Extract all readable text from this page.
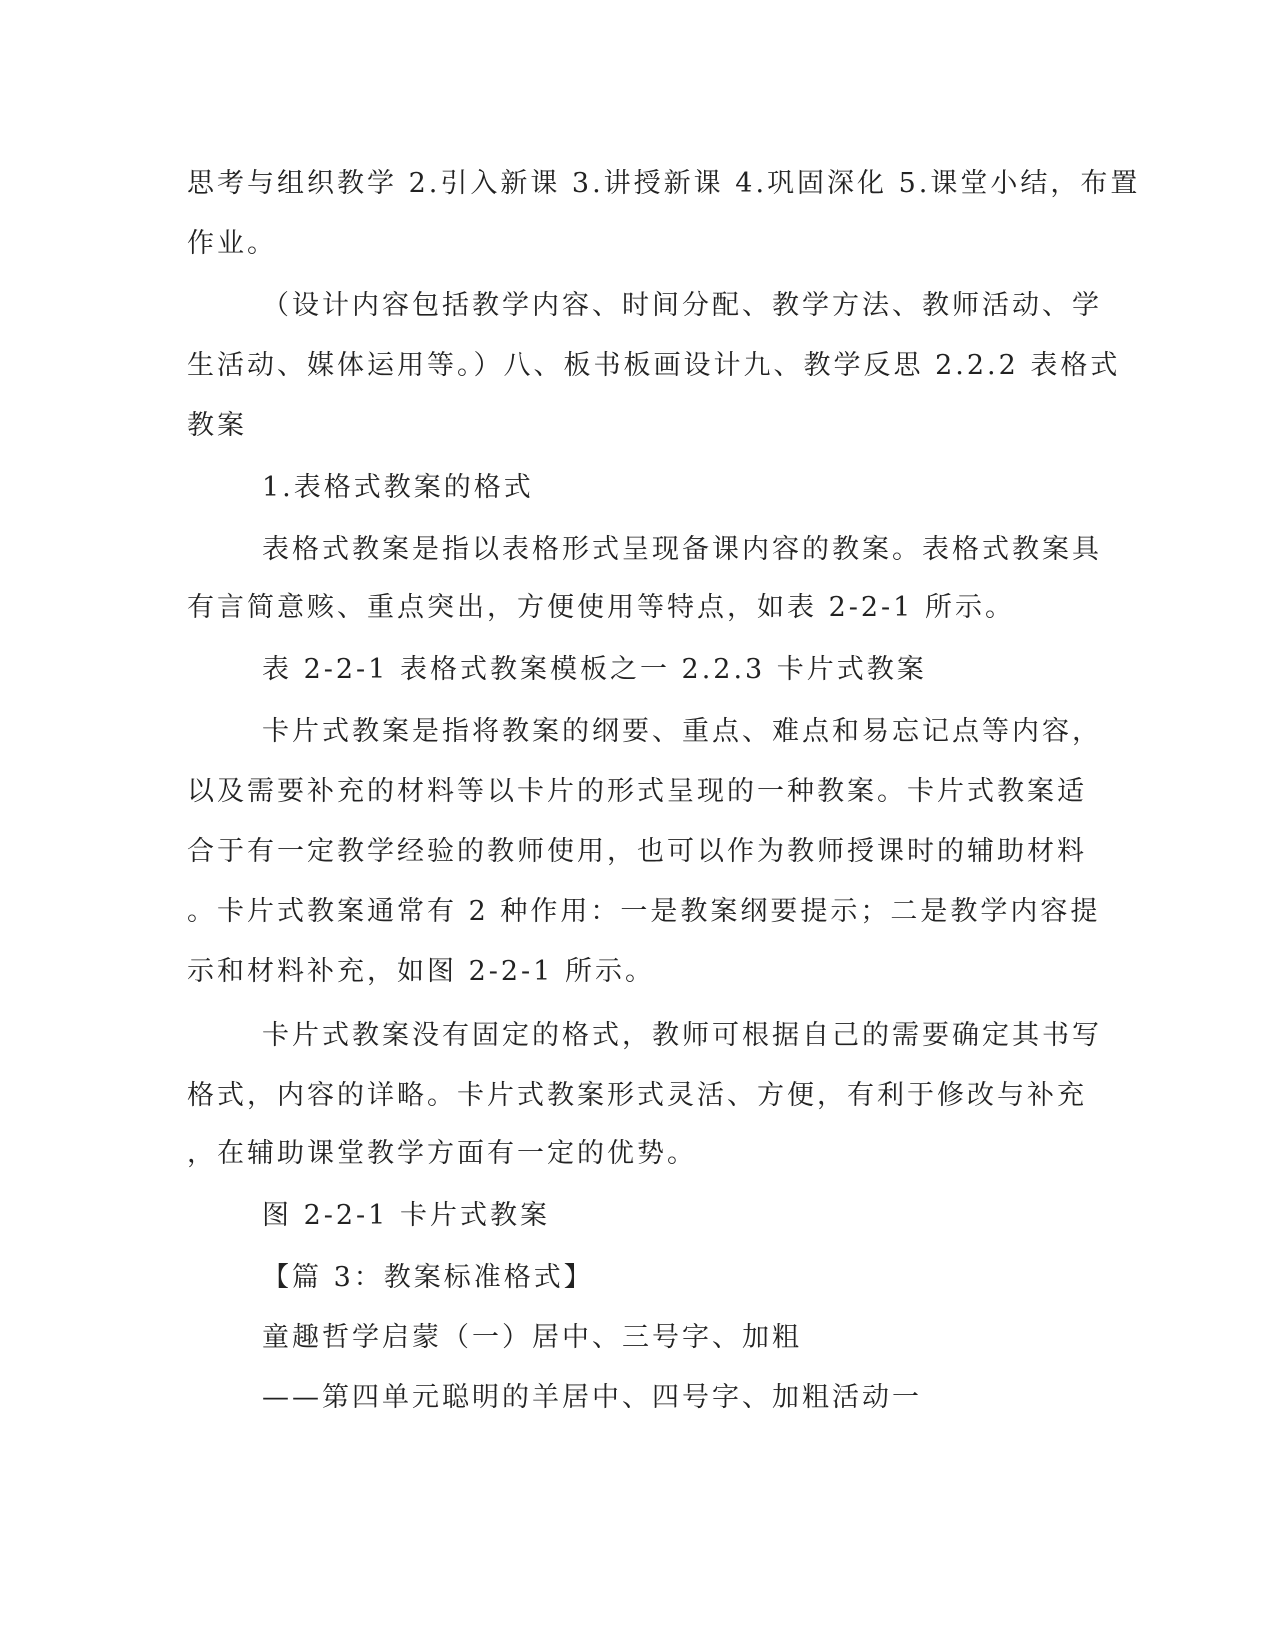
思考与组织教学 2.引入新课 3.讲授新课 4.巩固深化 5.课堂小结，布置
作业。
（设计内容包括教学内容、时间分配、教学方法、教师活动、学
生活动、媒体运用等。）八、板书板画设计九、教学反思 2.2.2 表格式
教案
1.表格式教案的格式
表格式教案是指以表格形式呈现备课内容的教案。表格式教案具
有言简意赅、重点突出，方便使用等特点，如表 2-2-1 所示。
表 2-2-1 表格式教案模板之一 2.2.3 卡片式教案
卡片式教案是指将教案的纲要、重点、难点和易忘记点等内容，
以及需要补充的材料等以卡片的形式呈现的一种教案。卡片式教案适
合于有一定教学经验的教师使用，也可以作为教师授课时的辅助材料
。卡片式教案通常有 2 种作用：一是教案纲要提示；二是教学内容提
示和材料补充，如图 2-2-1 所示。
卡片式教案没有固定的格式，教师可根据自己的需要确定其书写
格式，内容的详略。卡片式教案形式灵活、方便，有利于修改与补充
，在辅助课堂教学方面有一定的优势。
图 2-2-1 卡片式教案
【篇 3：教案标准格式】
童趣哲学启蒙（一）居中、三号字、加粗
——第四单元聪明的羊居中、四号字、加粗活动一
